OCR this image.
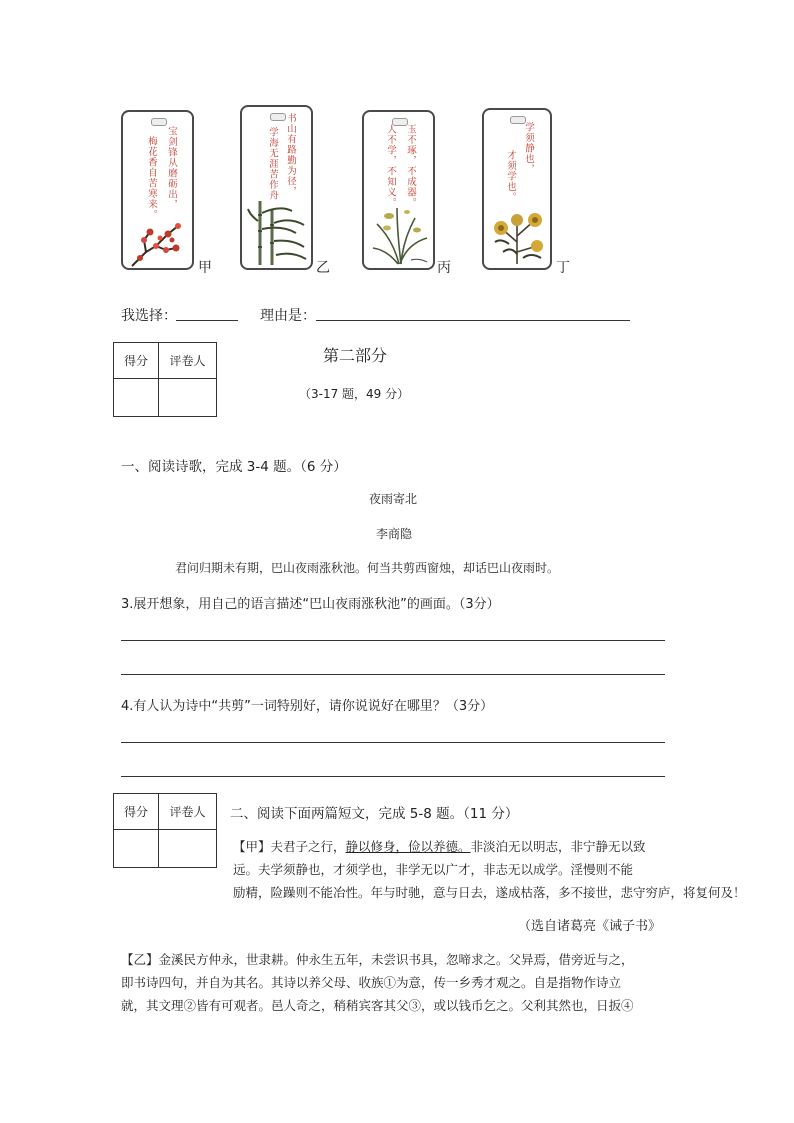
宝剑锋从磨砺出，
梅花香自苦寒来。
甲
书山有路勤为径，
学海无涯苦作舟
乙
玉不琢，不成器。
人不学，不知义。
丙
学须静也，
才须学也。
丁
我选择：	理由是：
得分	评卷人
		第二部分
（3-17 题，49 分）
一、阅读诗歌，完成 3-4 题。（6 分）
夜雨寄北
李商隐
君问归期未有期，巴山夜雨涨秋池。何当共剪西窗烛，却话巴山夜雨时。
3.展开想象，用自己的语言描述“巴山夜雨涨秋池”的画面。（3分）
4.有人认为诗中“共剪”一词特别好，请你说说好在哪里？（3分）
得分	评卷人
	二、阅读下面两篇短文，完成 5-8 题。（11 分）
【甲】夫君子之行，静以修身，俭以养德。非淡泊无以明志，非宁静无以致
远。夫学须静也，才须学也，非学无以广才，非志无以成学。淫慢则不能
励精，险躁则不能冶性。年与时驰，意与日去，遂成枯落，多不接世，悲守穷庐，将复何及！
（选自诸葛亮《诫子书》
【乙】金溪民方仲永，世隶耕。仲永生五年，未尝识书具，忽啼求之。父异焉，借旁近与之，
即书诗四句，并自为其名。其诗以养父母、收族①为意，传一乡秀才观之。自是指物作诗立
就，其文理②皆有可观者。邑人奇之，稍稍宾客其父③，或以钱币乞之。父利其然也，日扳④
